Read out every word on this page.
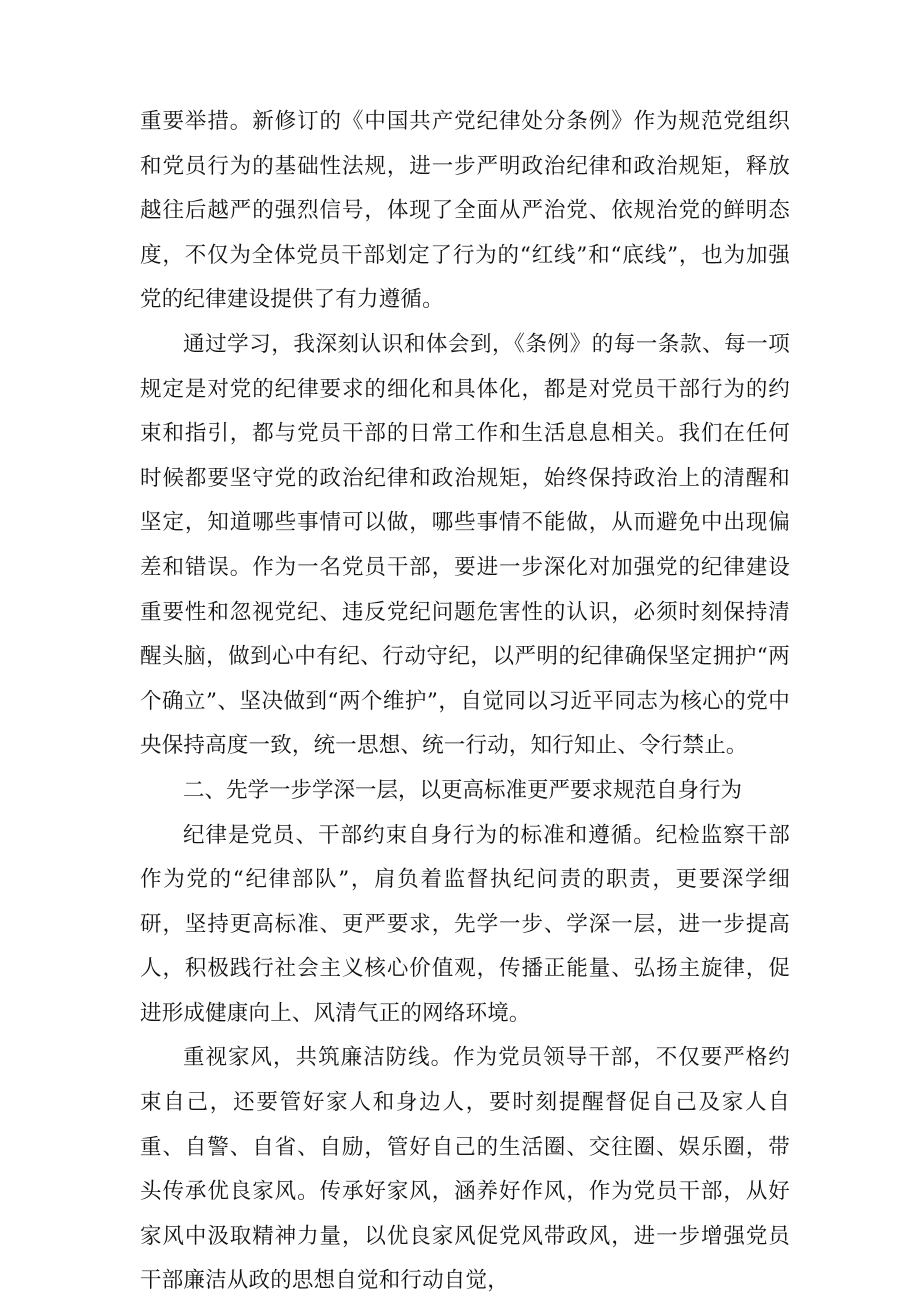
重要举措。新修订的《中国共产党纪律处分条例》作为规范党组织和党员行为的基础性法规，进一步严明政治纪律和政治规矩，释放越往后越严的强烈信号，体现了全面从严治党、依规治党的鲜明态度，不仅为全体党员干部划定了行为的“红线”和“底线”，也为加强党的纪律建设提供了有力遵循。

通过学习，我深刻认识和体会到，《条例》的每一条款、每一项规定是对党的纪律要求的细化和具体化，都是对党员干部行为的约束和指引，都与党员干部的日常工作和生活息息相关。我们在任何时候都要坚守党的政治纪律和政治规矩，始终保持政治上的清醒和坚定，知道哪些事情可以做，哪些事情不能做，从而避免中出现偏差和错误。作为一名党员干部，要进一步深化对加强党的纪律建设重要性和忽视党纪、违反党纪问题危害性的认识，必须时刻保持清醒头脑，做到心中有纪、行动守纪，以严明的纪律确保坚定拥护“两个确立”、坚决做到“两个维护”，自觉同以习近平同志为核心的党中央保持高度一致，统一思想、统一行动，知行知止、令行禁止。

二、先学一步学深一层，以更高标准更严要求规范自身行为

纪律是党员、干部约束自身行为的标准和遵循。纪检监察干部作为党的“纪律部队”，肩负着监督执纪问责的职责，更要深学细研，坚持更高标准、更严要求，先学一步、学深一层，进一步提高人，积极践行社会主义核心价值观，传播正能量、弘扬主旋律，促进形成健康向上、风清气正的网络环境。

重视家风，共筑廉洁防线。作为党员领导干部，不仅要严格约束自己，还要管好家人和身边人，要时刻提醒督促自己及家人自重、自警、自省、自励，管好自己的生活圈、交往圈、娱乐圈，带头传承优良家风。传承好家风，涵养好作风，作为党员干部，从好家风中汲取精神力量，以优良家风促党风带政风，进一步增强党员干部廉洁从政的思想自觉和行动自觉，
